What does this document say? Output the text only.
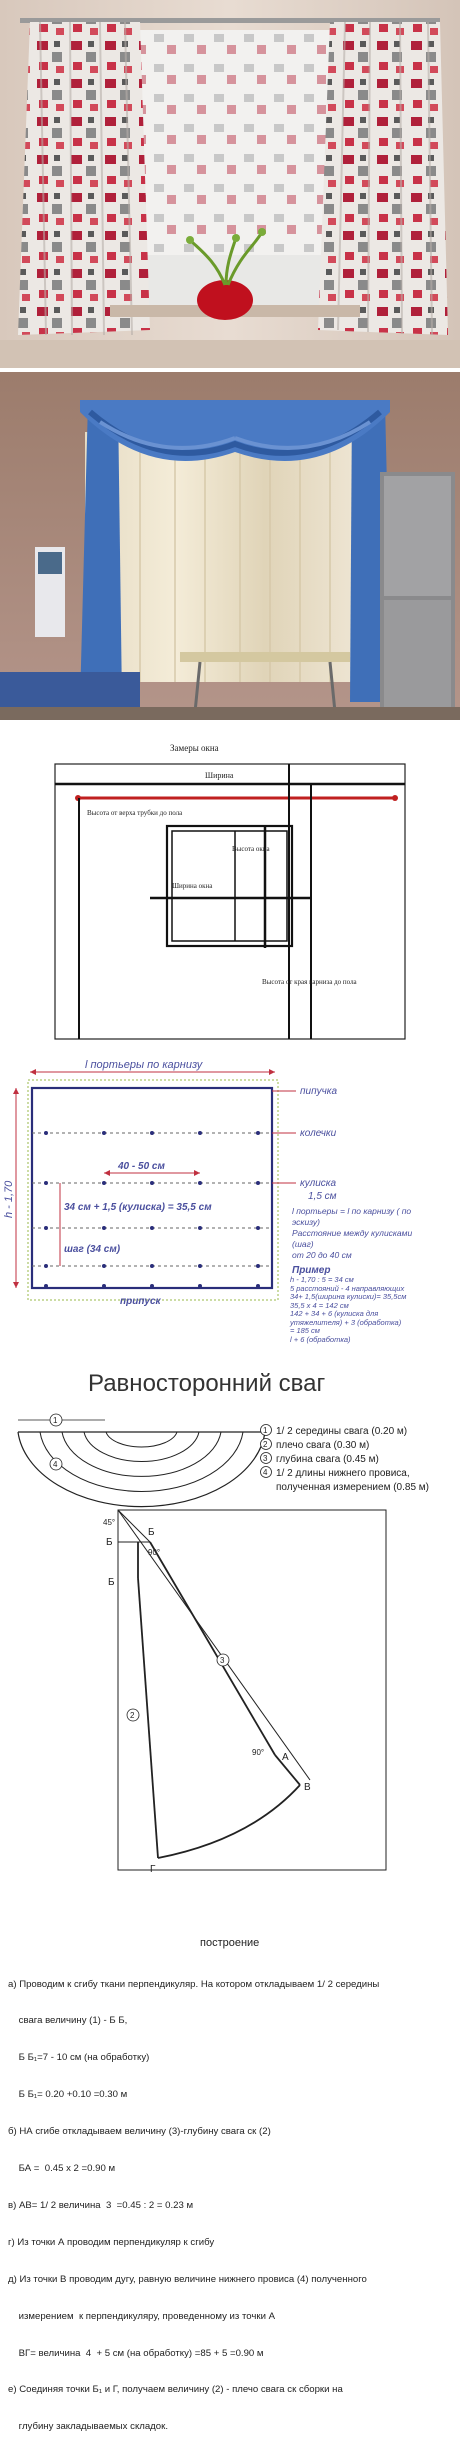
Замеры окна
Ширина
Высота от верха трубки до пола
Ширина окна
Высота окна
Высота от края карниза до пола
l портьеры по карнизу
40 - 50 см
34 см + 1,5 (кулиска) = 35,5 см
шаг (34 см)
h - 1,70
припуск
пипучка
колечки
кулиска
1,5 см
l портьеры = l по карнизу ( по
эскизу)
Расстояние между кулисками
(шаг)
от 20 до 40 см
Пример
h - 1,70 : 5 = 34 см
5 расстояний - 4 направляющих
34+ 1,5(ширина кулиски)= 35,5см
35,5 х 4 = 142 см
142 + 34 + 6 (кулиска для
утяжелителя) + 3 (обработка)
= 185 см
l + 6 (обработка)
Равносторонний сваг
1
4
1 1/ 2 середины свага (0.20 м)
2 плечо свага (0.30 м)
3 глубина свага (0.45 м)
4 1/ 2 длины нижнего провиса,
полученная измерением (0.85 м)
45°
90°
90°
Б
Б
Б
А
В
Г
3
2
построение

а) Проводим к сгибу ткани перпендикуляр. На котором откладываем 1/ 2 середины

свага величину (1) - Б Б,

Б Б₁=7 - 10 см (на обработку)

Б Б₁= 0.20 +0.10 =0.30 м

б) НА сгибе откладываем величину (3)-глубину свага ск (2)

БА =  0.45 х 2 =0.90 м

в) АВ= 1/ 2 величина  3  =0.45 : 2 = 0.23 м

г) Из точки А проводим перпендикуляр к сгибу

д) Из точки В проводим дугу, равную величине нижнего провиса (4) полученного

измерением  к перпендикуляру, проведенному из точки А

ВГ= величина  4  + 5 см (на обработку) =85 + 5 =0.90 м

е) Соединяя точки Б₁ и Г, получаем величину (2) - плечо свага ск сборки на

глубину закладываемых складок.
